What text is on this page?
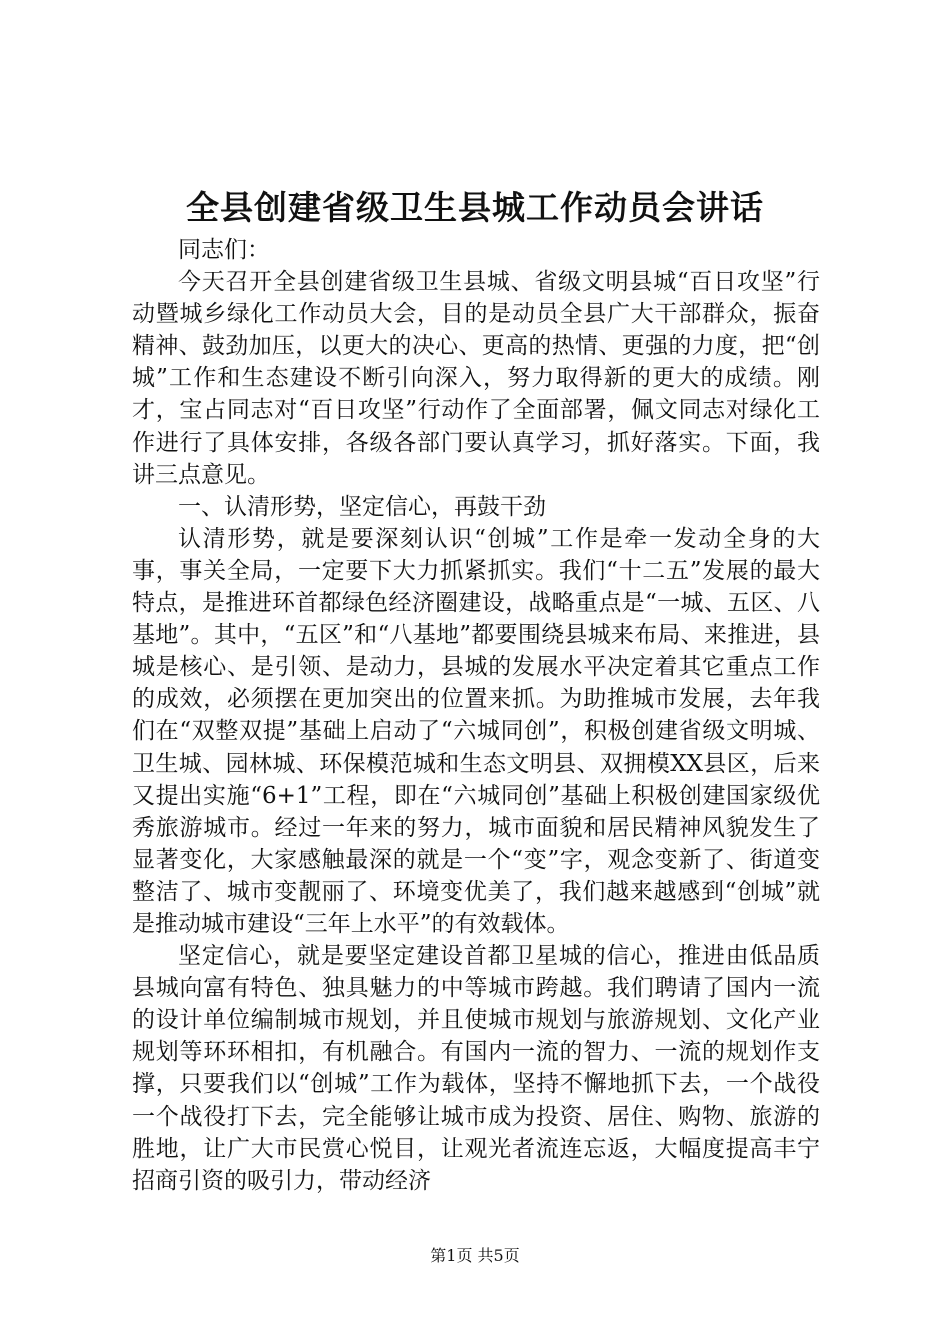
全县创建省级卫生县城工作动员会讲话

同志们：

今天召开全县创建省级卫生县城、省级文明县城“百日攻坚”行动暨城乡绿化工作动员大会，目的是动员全县广大干部群众，振奋精神、鼓劲加压，以更大的决心、更高的热情、更强的力度，把“创城”工作和生态建设不断引向深入，努力取得新的更大的成绩。刚才，宝占同志对“百日攻坚”行动作了全面部署，佩文同志对绿化工作进行了具体安排，各级各部门要认真学习，抓好落实。下面，我讲三点意见。

一、认清形势，坚定信心，再鼓干劲

认清形势，就是要深刻认识“创城”工作是牵一发动全身的大事，事关全局，一定要下大力抓紧抓实。我们“十二五”发展的最大特点，是推进环首都绿色经济圈建设，战略重点是“一城、五区、八基地”。其中，“五区”和“八基地”都要围绕县城来布局、来推进，县城是核心、是引领、是动力，县城的发展水平决定着其它重点工作的成效，必须摆在更加突出的位置来抓。为助推城市发展，去年我们在“双整双提”基础上启动了“六城同创”，积极创建省级文明城、卫生城、园林城、环保模范城和生态文明县、双拥模XX县区，后来又提出实施“6+1”工程，即在“六城同创”基础上积极创建国家级优秀旅游城市。经过一年来的努力，城市面貌和居民精神风貌发生了显著变化，大家感触最深的就是一个“变”字，观念变新了、街道变整洁了、城市变靓丽了、环境变优美了，我们越来越感到“创城”就是推动城市建设“三年上水平”的有效载体。

坚定信心，就是要坚定建设首都卫星城的信心，推进由低品质县城向富有特色、独具魅力的中等城市跨越。我们聘请了国内一流的设计单位编制城市规划，并且使城市规划与旅游规划、文化产业规划等环环相扣，有机融合。有国内一流的智力、一流的规划作支撑，只要我们以“创城”工作为载体，坚持不懈地抓下去，一个战役一个战役打下去，完全能够让城市成为投资、居住、购物、旅游的胜地，让广大市民赏心悦目，让观光者流连忘返，大幅度提高丰宁招商引资的吸引力，带动经济

第1页 共5页
